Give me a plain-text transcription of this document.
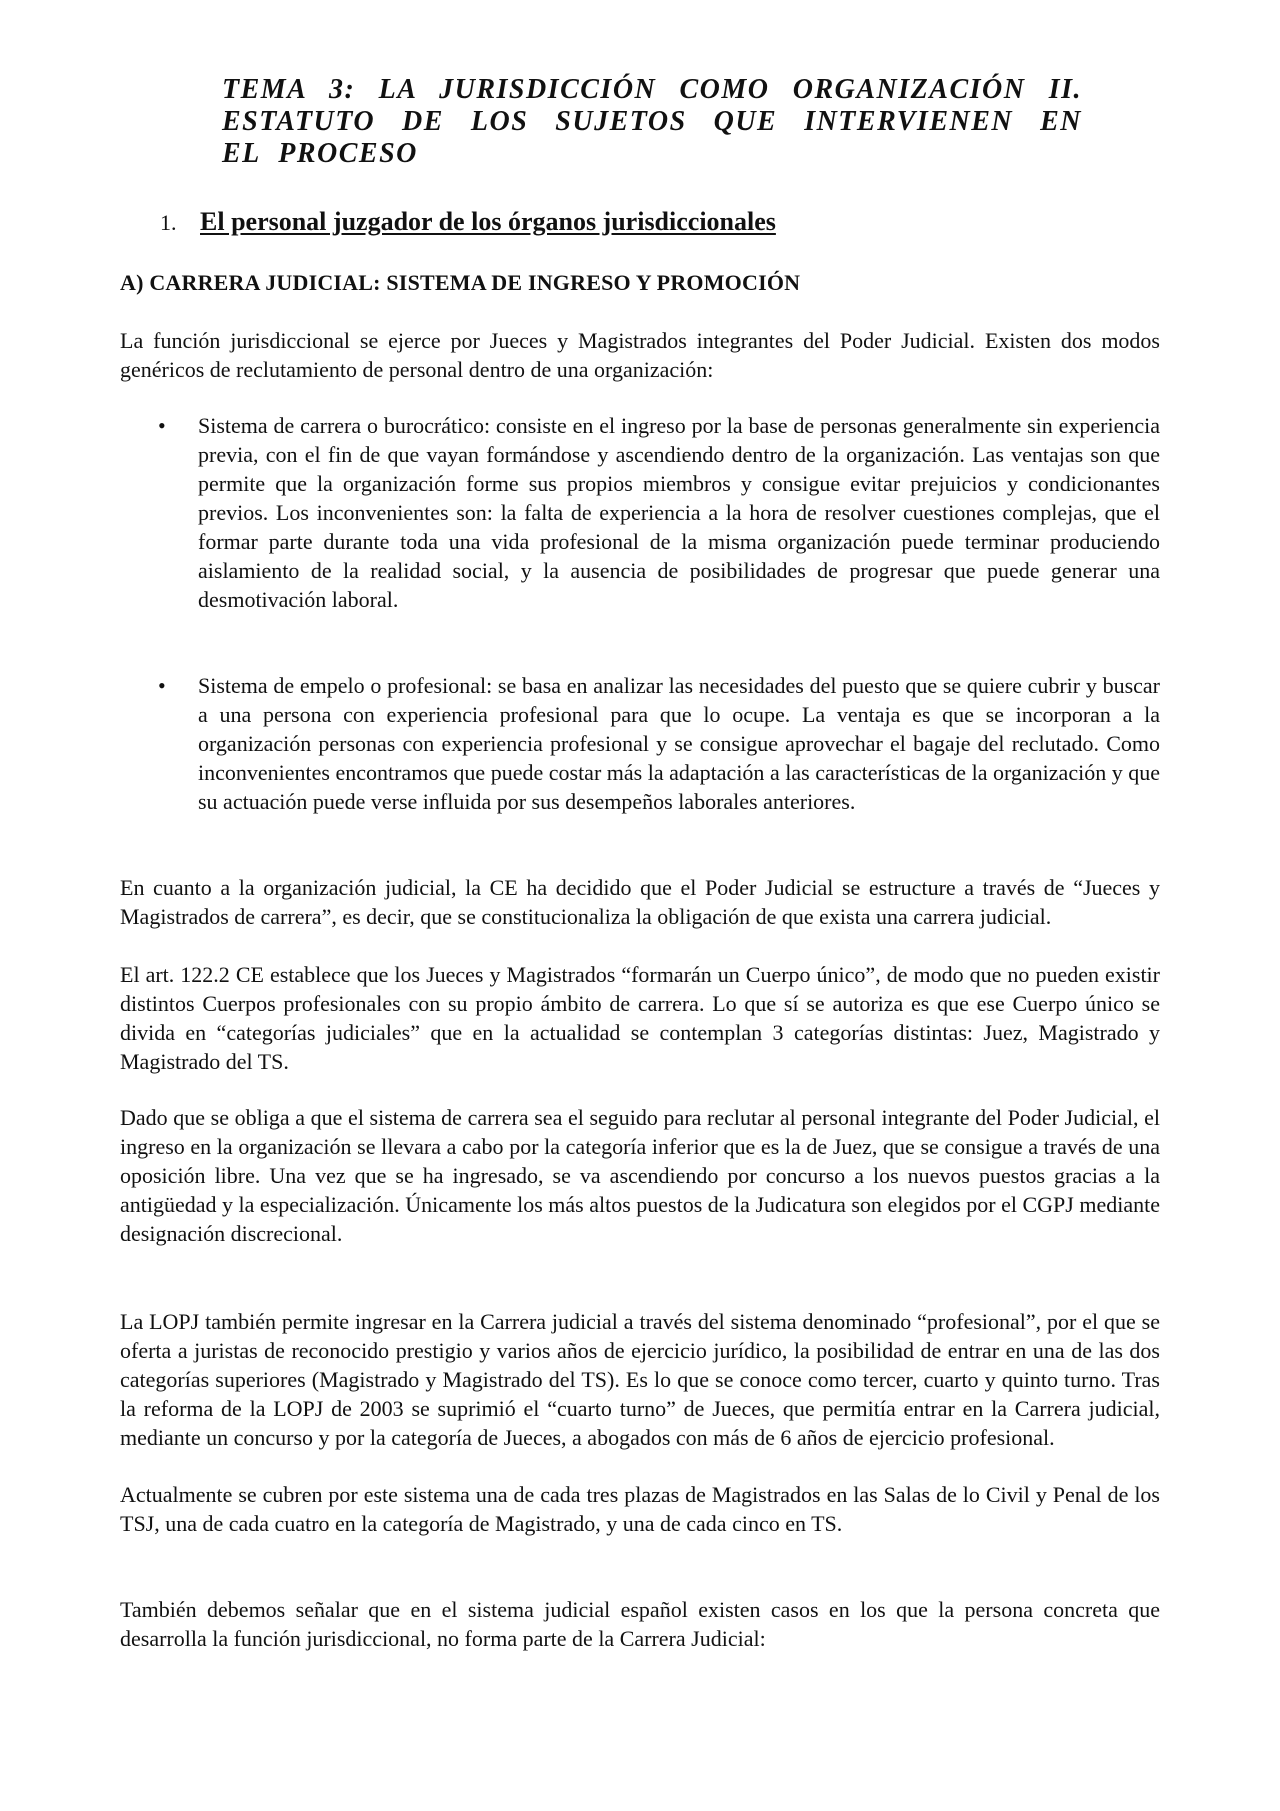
TEMA 3: LA JURISDICCIÓN COMO ORGANIZACIÓN II. ESTATUTO DE LOS SUJETOS QUE INTERVIENEN EN EL PROCESO
1. El personal juzgador de los órganos jurisdiccionales
A) CARRERA JUDICIAL: SISTEMA DE INGRESO Y PROMOCIÓN

La función jurisdiccional se ejerce por Jueces y Magistrados integrantes del Poder Judicial. Existen dos modos genéricos de reclutamiento de personal dentro de una organización:

• Sistema de carrera o burocrático: consiste en el ingreso por la base de personas generalmente sin experiencia previa, con el fin de que vayan formándose y ascendiendo dentro de la organización. Las ventajas son que permite que la organización forme sus propios miembros y consigue evitar prejuicios y condicionantes previos. Los inconvenientes son: la falta de experiencia a la hora de resolver cuestiones complejas, que el formar parte durante toda una vida profesional de la misma organización puede terminar produciendo aislamiento de la realidad social, y la ausencia de posibilidades de progresar que puede generar una desmotivación laboral.

• Sistema de empelo o profesional: se basa en analizar las necesidades del puesto que se quiere cubrir y buscar a una persona con experiencia profesional para que lo ocupe. La ventaja es que se incorporan a la organización personas con experiencia profesional y se consigue aprovechar el bagaje del reclutado. Como inconvenientes encontramos que puede costar más la adaptación a las características de la organización y que su actuación puede verse influida por sus desempeños laborales anteriores.

En cuanto a la organización judicial, la CE ha decidido que el Poder Judicial se estructure a través de “Jueces y Magistrados de carrera”, es decir, que se constitucionaliza la obligación de que exista una carrera judicial.

El art. 122.2 CE establece que los Jueces y Magistrados “formarán un Cuerpo único”, de modo que no pueden existir distintos Cuerpos profesionales con su propio ámbito de carrera. Lo que sí se autoriza es que ese Cuerpo único se divida en “categorías judiciales” que en la actualidad se contemplan 3 categorías distintas: Juez, Magistrado y Magistrado del TS.

Dado que se obliga a que el sistema de carrera sea el seguido para reclutar al personal integrante del Poder Judicial, el ingreso en la organización se llevara a cabo por la categoría inferior que es la de Juez, que se consigue a través de una oposición libre. Una vez que se ha ingresado, se va ascendiendo por concurso a los nuevos puestos gracias a la antigüedad y la especialización. Únicamente los más altos puestos de la Judicatura son elegidos por el CGPJ mediante designación discrecional.

La LOPJ también permite ingresar en la Carrera judicial a través del sistema denominado “profesional”, por el que se oferta a juristas de reconocido prestigio y varios años de ejercicio jurídico, la posibilidad de entrar en una de las dos categorías superiores (Magistrado y Magistrado del TS). Es lo que se conoce como tercer, cuarto y quinto turno. Tras la reforma de la LOPJ de 2003 se suprimió el “cuarto turno” de Jueces, que permitía entrar en la Carrera judicial, mediante un concurso y por la categoría de Jueces, a abogados con más de 6 años de ejercicio profesional.

Actualmente se cubren por este sistema una de cada tres plazas de Magistrados en las Salas de lo Civil y Penal de los TSJ, una de cada cuatro en la categoría de Magistrado, y una de cada cinco en TS.

También debemos señalar que en el sistema judicial español existen casos en los que la persona concreta que desarrolla la función jurisdiccional, no forma parte de la Carrera Judicial:
